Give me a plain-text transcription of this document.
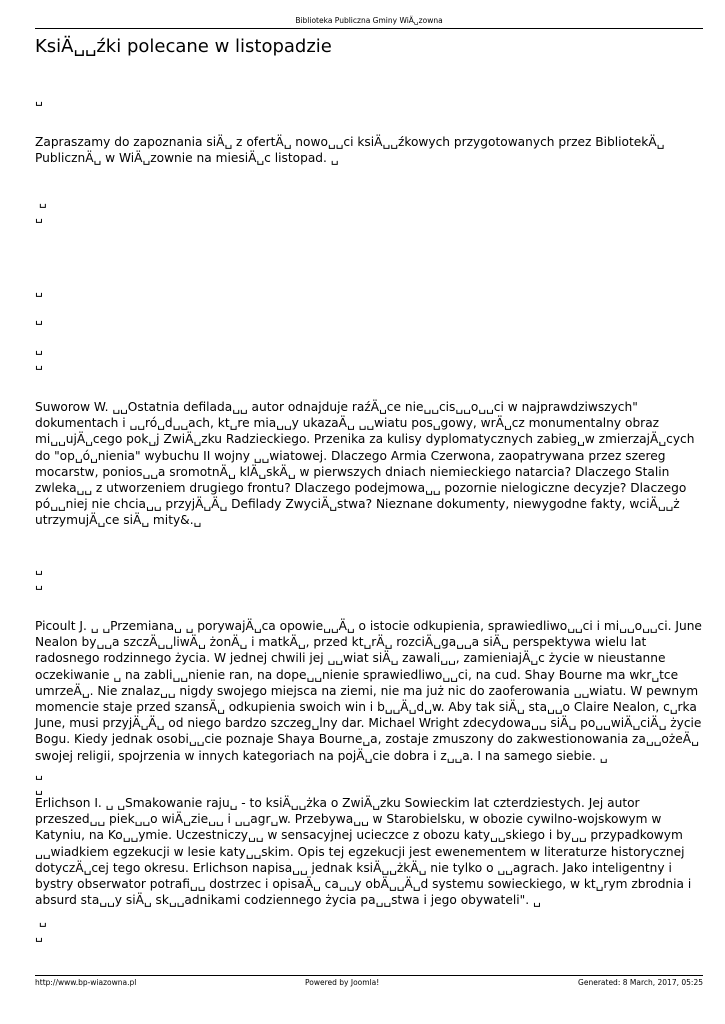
Biblioteka Publiczna Gminy WiÄ␣zowna
KsiÄ␣␣źki polecane w listopadzie
␣

Zapraszamy do zapoznania siÄ␣ z ofertÄ␣ nowo␣␣ci ksiÄ␣␣źkowych przygotowanych przez BibliotekÄ␣ PublicznÄ␣ w WiÄ␣zownie na miesiÄ␣c listopad. ␣

␣
␣
␣
␣
␣
␣

Suworow W. ␣␣Ostatnia defilada␣␣ autor odnajduje raźÄ␣ce nie␣␣cis␣␣o␣␣ci w najprawdziwszych" dokumentach i ␣␣ró␣d␣␣ach, kt␣re mia␣␣y ukazaÄ␣ ␣␣wiatu pos␣gowy, wrÄ␣cz monumentalny obraz mi␣␣ujÄ␣cego pok␣j ZwiÄ␣zku Radzieckiego. Przenika za kulisy dyplomatycznych zabieg␣w zmierzajÄ␣cych do "op␣ó␣nienia" wybuchu II wojny ␣␣wiatowej. Dlaczego Armia Czerwona, zaopatrywana przez szereg mocarstw, ponios␣␣a sromotnÄ␣ klÄ␣skÄ␣ w pierwszych dniach niemieckiego natarcia? Dlaczego Stalin zwleka␣␣ z utworzeniem drugiego frontu? Dlaczego podejmowa␣␣ pozornie nielogiczne decyzje? Dlaczego pó␣␣niej nie chcia␣␣ przyjÄ␣Ä␣ Defilady ZwyciÄ␣stwa? Nieznane dokumenty, niewygodne fakty, wciÄ␣␣ż utrzymujÄ␣ce siÄ␣ mity&.␣

␣
␣

Picoult J. ␣ ␣Przemiana␣ ␣ porywajÄ␣ca opowie␣␣Ä␣ o istocie odkupienia, sprawiedliwo␣␣ci i mi␣␣o␣␣ci. June Nealon by␣␣a szczÄ␣␣liwÄ␣ żonÄ␣ i matkÄ␣, przed kt␣rÄ␣ rozciÄ␣ga␣␣a siÄ␣ perspektywa wielu lat radosnego rodzinnego życia. W jednej chwili jej ␣␣wiat siÄ␣ zawali␣␣, zamieniajÄ␣c życie w nieustanne oczekiwanie ␣ na zabli␣␣nienie ran, na dope␣␣nienie sprawiedliwo␣␣ci, na cud. Shay Bourne ma wkr␣tce umrzeÄ␣. Nie znalaz␣␣ nigdy swojego miejsca na ziemi, nie ma już nic do zaoferowania ␣␣wiatu. W pewnym momencie staje przed szansÄ␣ odkupienia swoich win i b␣␣Ä␣d␣w. Aby tak siÄ␣ sta␣␣o Claire Nealon, c␣rka June, musi przyjÄ␣Ä␣ od niego bardzo szczeg␣lny dar. Michael Wright zdecydowa␣␣ siÄ␣ po␣␣wiÄ␣ciÄ␣ życie Bogu. Kiedy jednak osobi␣␣cie poznaje Shaya Bourne␣a, zostaje zmuszony do zakwestionowania za␣␣ożeÄ␣ swojej religii, spojrzenia w innych kategoriach na pojÄ␣cie dobra i z␣␣a. I na samego siebie. ␣

␣
␣

Erlichson I. ␣ ␣Smakowanie raju␣ - to ksiÄ␣␣żka o ZwiÄ␣zku Sowieckim lat czterdziestych. Jej autor przeszed␣␣ piek␣␣o wiÄ␣zie␣␣ i ␣␣agr␣w. Przebywa␣␣ w Starobielsku, w obozie cywilno-wojskowym w Katyniu, na Ko␣␣ymie. Uczestniczy␣␣ w sensacyjnej ucieczce z obozu katy␣␣skiego i by␣␣ przypadkowym ␣␣wiadkiem egzekucji w lesie katy␣␣skim. Opis tej egzekucji jest ewenementem w literaturze historycznej dotyczÄ␣cej tego okresu. Erlichson napisa␣␣ jednak ksiÄ␣␣żkÄ␣ nie tylko o ␣␣agrach. Jako inteligentny i bystry obserwator potrafi␣␣ dostrzec i opisaÄ␣ ca␣␣y obÄ␣␣Ä␣d systemu sowieckiego, w kt␣rym zbrodnia i absurd sta␣␣y siÄ␣ sk␣␣adnikami codziennego życia pa␣␣stwa i jego obywateli". ␣

␣
␣
http://www.bp-wiazowna.pl	Powered by Joomla!	Generated: 8 March, 2017, 05:25
